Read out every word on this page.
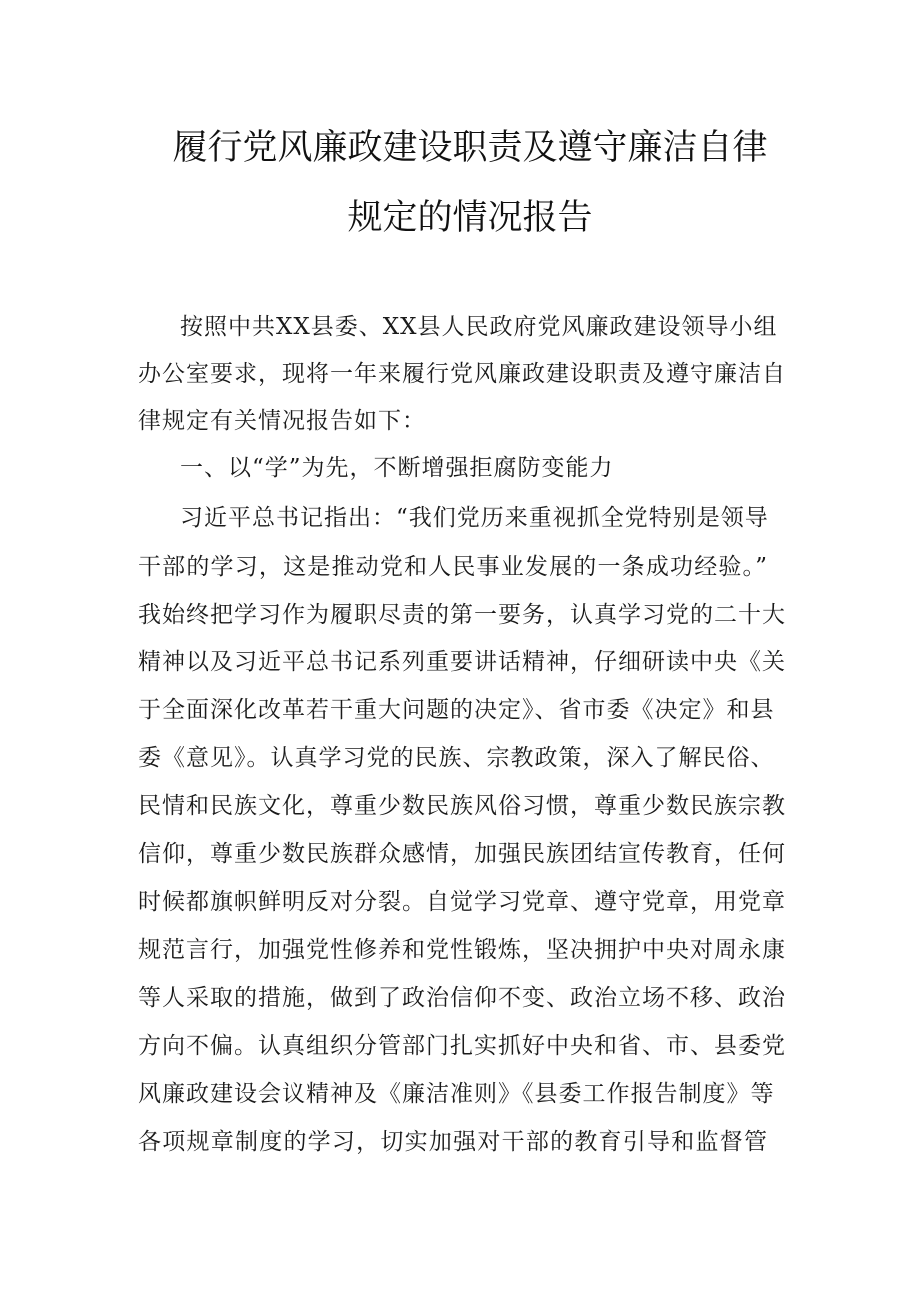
履行党风廉政建设职责及遵守廉洁自律
规定的情况报告
按照中共XX县委、XX县人民政府党风廉政建设领导小组
办公室要求，现将一年来履行党风廉政建设职责及遵守廉洁自
律规定有关情况报告如下：
一、以“学”为先，不断增强拒腐防变能力
习近平总书记指出：“我们党历来重视抓全党特别是领导
干部的学习，这是推动党和人民事业发展的一条成功经验。”
我始终把学习作为履职尽责的第一要务，认真学习党的二十大
精神以及习近平总书记系列重要讲话精神，仔细研读中央《关
于全面深化改革若干重大问题的决定》、省市委《决定》和县
委《意见》。认真学习党的民族、宗教政策，深入了解民俗、
民情和民族文化，尊重少数民族风俗习惯，尊重少数民族宗教
信仰，尊重少数民族群众感情，加强民族团结宣传教育，任何
时候都旗帜鲜明反对分裂。自觉学习党章、遵守党章，用党章
规范言行，加强党性修养和党性锻炼，坚决拥护中央对周永康
等人采取的措施，做到了政治信仰不变、政治立场不移、政治
方向不偏。认真组织分管部门扎实抓好中央和省、市、县委党
风廉政建设会议精神及《廉洁准则》《县委工作报告制度》等
各项规章制度的学习，切实加强对干部的教育引导和监督管
